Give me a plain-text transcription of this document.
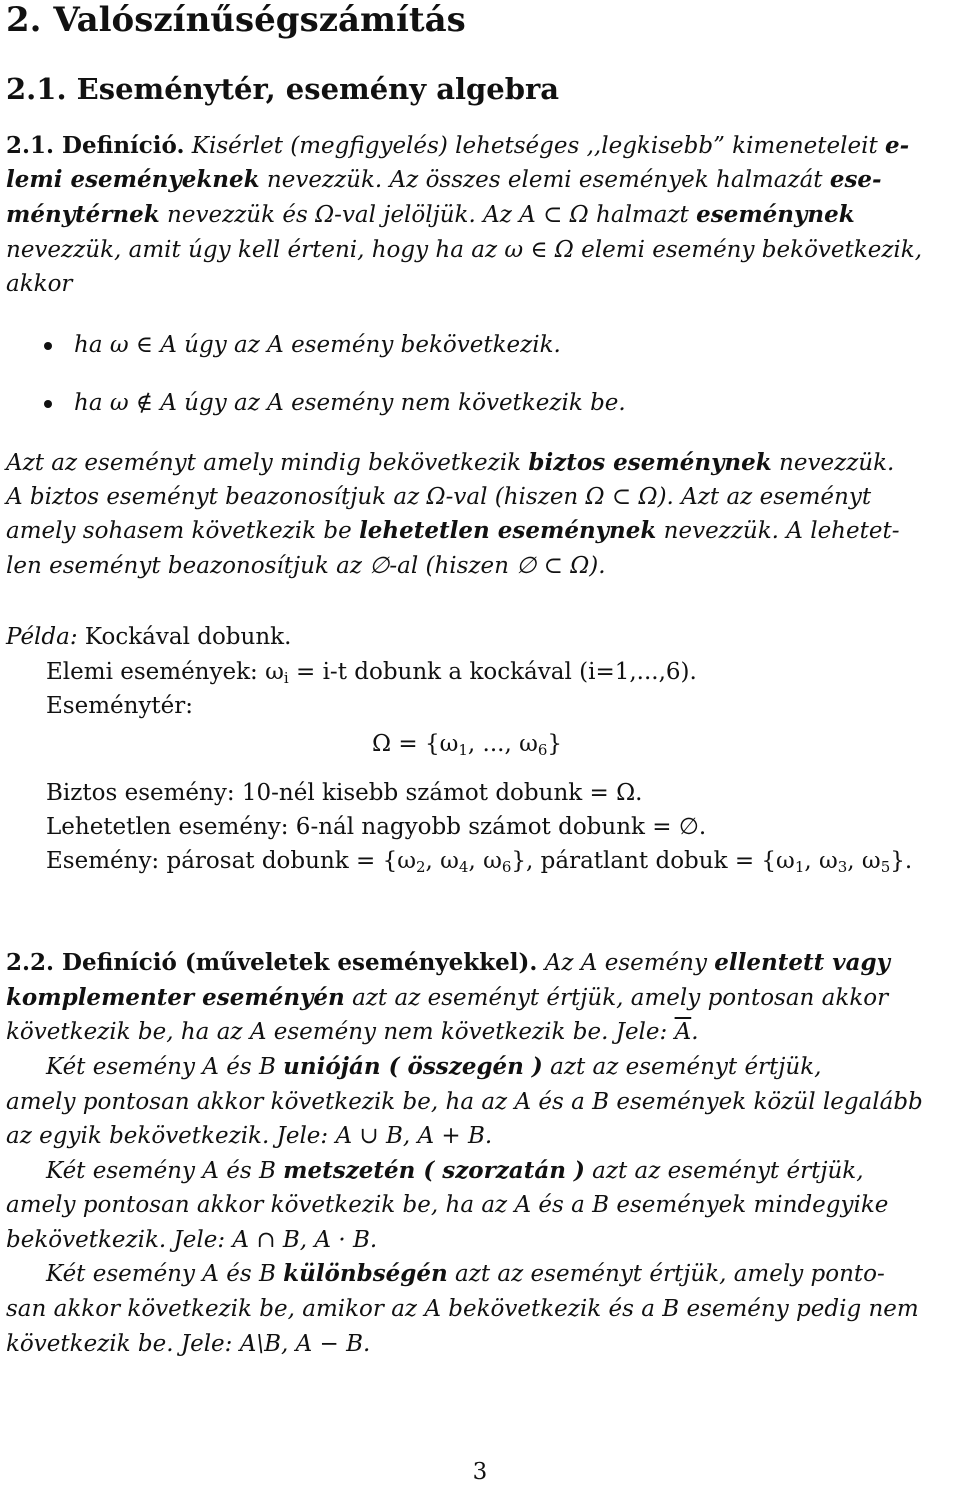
2. Valószínűségszámítás
2.1. Eseménytér, esemény algebra
2.1. Definíció. Kisérlet (megfigyelés) lehetséges ,,legkisebb” kimeneteleit e-
lemi eseményeknek nevezzük. Az összes elemi események halmazát ese-
ménytérnek nevezzük és Ω-val jelöljük. Az A ⊂ Ω halmazt eseménynek
nevezzük, amit úgy kell érteni, hogy ha az ω ∈ Ω elemi esemény bekövetkezik,
akkor
ha ω ∈ A úgy az A esemény bekövetkezik.
ha ω ∉ A úgy az A esemény nem következik be.
Azt az eseményt amely mindig bekövetkezik biztos eseménynek nevezzük.
A biztos eseményt beazonosítjuk az Ω-val (hiszen Ω ⊂ Ω). Azt az eseményt
amely sohasem következik be lehetetlen eseménynek nevezzük. A lehetet-
len eseményt beazonosítjuk az ∅-al (hiszen ∅ ⊂ Ω).
Példa: Kockával dobunk.
Elemi események: $\omega_i = i-t$ dobunk a kockával (i=1,...,6).
Eseménytér:
$\Omega = \{\omega_1$, ..., $\omega_6$}
Biztos esemény: 10-nél kisebb számot dobunk = Ω.
Lehetetlen esemény: 6-nál nagyobb számot dobunk = ∅.
Esemény: párosat dobunk = {$\omega_2$, $\omega_4$, $\omega_6$}, páratlant dobuk = {$\omega_1$, $\omega_3$, $\omega_5$}.
2.2. Definíció (műveletek eseményekkel). Az A esemény ellentett vagy
komplementer eseményén azt az eseményt értjük, amely pontosan akkor
következik be, ha az A esemény nem következik be. Jele: $\overline{A}$.
Két esemény A és B unióján ( összegén ) azt az eseményt értjük,
amely pontosan akkor következik be, ha az A és a B események közül legalább
az egyik bekövetkezik. Jele: A ∪ B, A + B.
Két esemény A és B metszetén ( szorzatán ) azt az eseményt értjük,
amely pontosan akkor következik be, ha az A és a B események mindegyike
bekövetkezik. Jele: A ∩ B, A · B.
Két esemény A és B különbségén azt az eseményt értjük, amely ponto-
san akkor következik be, amikor az A bekövetkezik és a B esemény pedig nem
következik be. Jele: A\B, A − B.
3
